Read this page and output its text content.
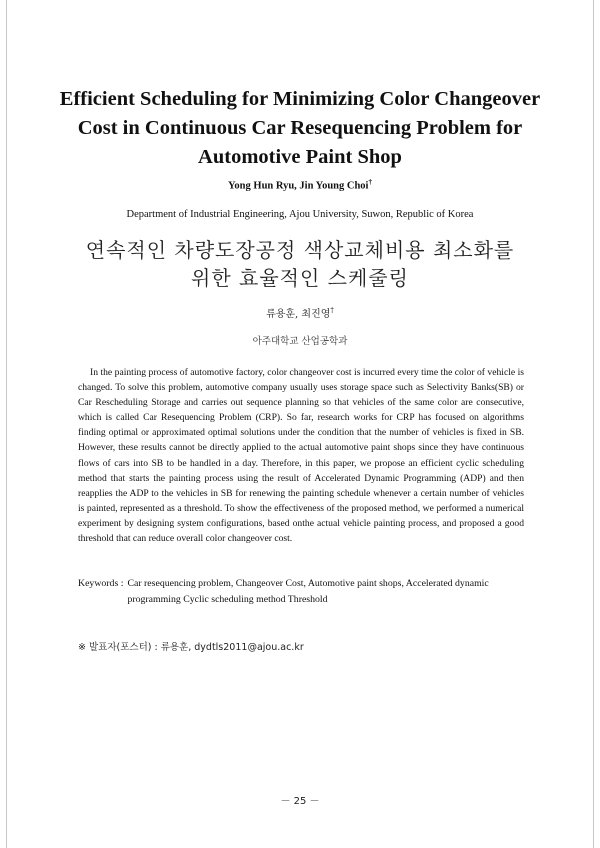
Efficient Scheduling for Minimizing Color Changeover
Cost in Continuous Car Resequencing Problem for
Automotive Paint Shop
Yong Hun Ryu, Jin Young Choi†
Department of Industrial Engineering, Ajou University, Suwon, Republic of Korea
연속적인 차량도장공정 색상교체비용 최소화를
위한 효율적인 스케줄링
류용훈, 최진영†
아주대학교 산업공학과

In the painting process of automotive factory, color changeover cost is incurred every time the color of vehicle is changed. To solve this problem, automotive company usually uses storage space such as Selectivity Banks(SB) or Car Rescheduling Storage and carries out sequence planning so that vehicles of the same color are consecutive, which is called Car Resequencing Problem (CRP). So far, research works for CRP has focused on algorithms finding optimal or approximated optimal solutions under the condition that the number of vehicles is fixed in SB. However, these results cannot be directly applied to the actual automotive paint shops since they have continuous flows of cars into SB to be handled in a day. Therefore, in this paper, we propose an efficient cyclic scheduling method that starts the painting process using the result of Accelerated Dynamic Programming (ADP) and then reapplies the ADP to the vehicles in SB for renewing the painting schedule whenever a certain number of vehicles is painted, represented as a threshold. To show the effectiveness of the proposed method, we performed a numerical experiment by designing system configurations, based onthe actual vehicle painting process, and proposed a good threshold that can reduce overall color changeover cost.

Keywords : Car resequencing problem, Changeover Cost, Automotive paint shops, Accelerated dynamic programming Cyclic scheduling method Threshold
※ 발표자(포스터) : 류용훈, dydtls2011@ajou.ac.kr
－ 25 －
